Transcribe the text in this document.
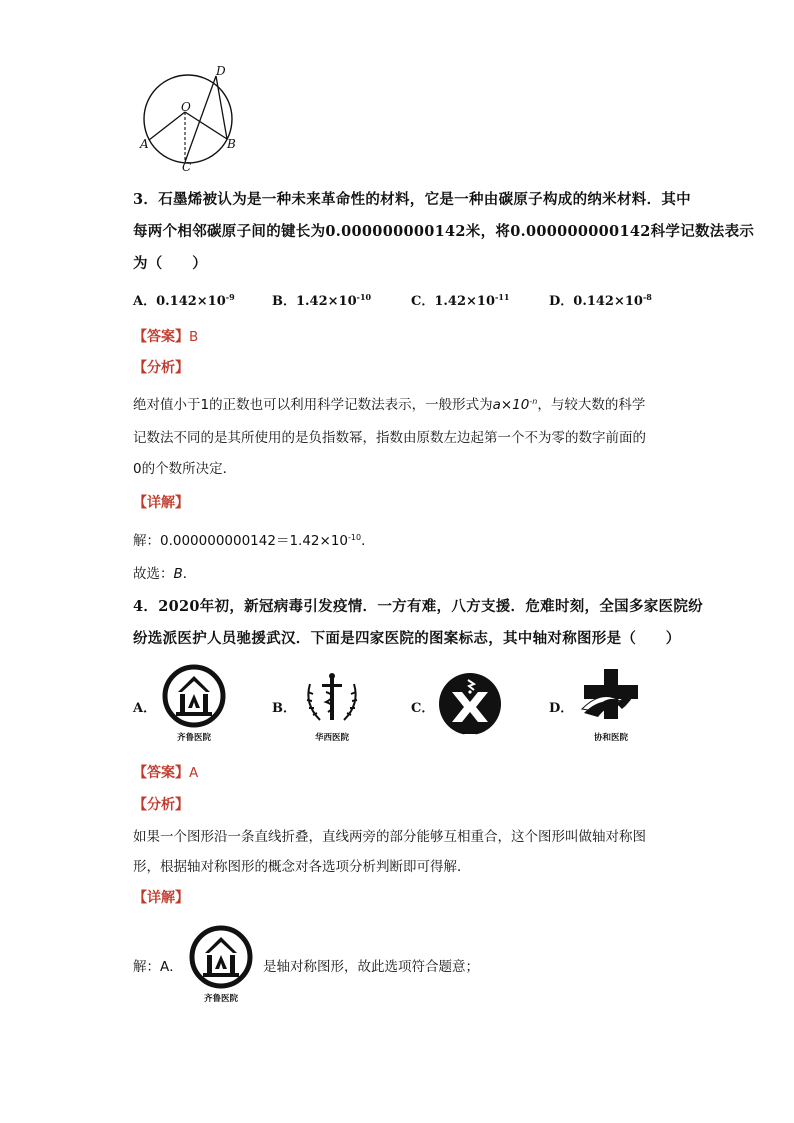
D
O
A	B
C
3．石墨烯被认为是一种未来革命性的材料，它是一种由碳原子构成的纳米材料．其中
每两个相邻碳原子间的键长为0.000000000142米，将0.000000000142科学记数法表示
为（　　）
A．$0.142\times 10^{-9}$	B．$1.42\times 10^{-10}$	C．$1.42\times 10^{-11}$	D．$0.142\times 10^{-8}$
【答案】B
【分析】
绝对值小于1的正数也可以利用科学记数法表示，一般形式为$a\times 10^{-n}$，与较大数的科学
记数法不同的是其所使用的是负指数幂，指数由原数左边起第一个不为零的数字前面的
0的个数所决定．
【详解】
解：$0.000000000142=1.42\times 10^{-10}$．
故选：B．
4．2020年初，新冠病毒引发疫情．一方有难，八方支援．危难时刻，全国多家医院纷
纷选派医护人员驰援武汉．下面是四家医院的图案标志，其中轴对称图形是（　　）
A．
齐鲁医院
B．
华西医院
C．	D．
协和医院
【答案】A
【分析】
如果一个图形沿一条直线折叠，直线两旁的部分能够互相重合，这个图形叫做轴对称图
形，根据轴对称图形的概念对各选项分析判断即可得解．
【详解】
解：A．
齐鲁医院
是轴对称图形，故此选项符合题意；
